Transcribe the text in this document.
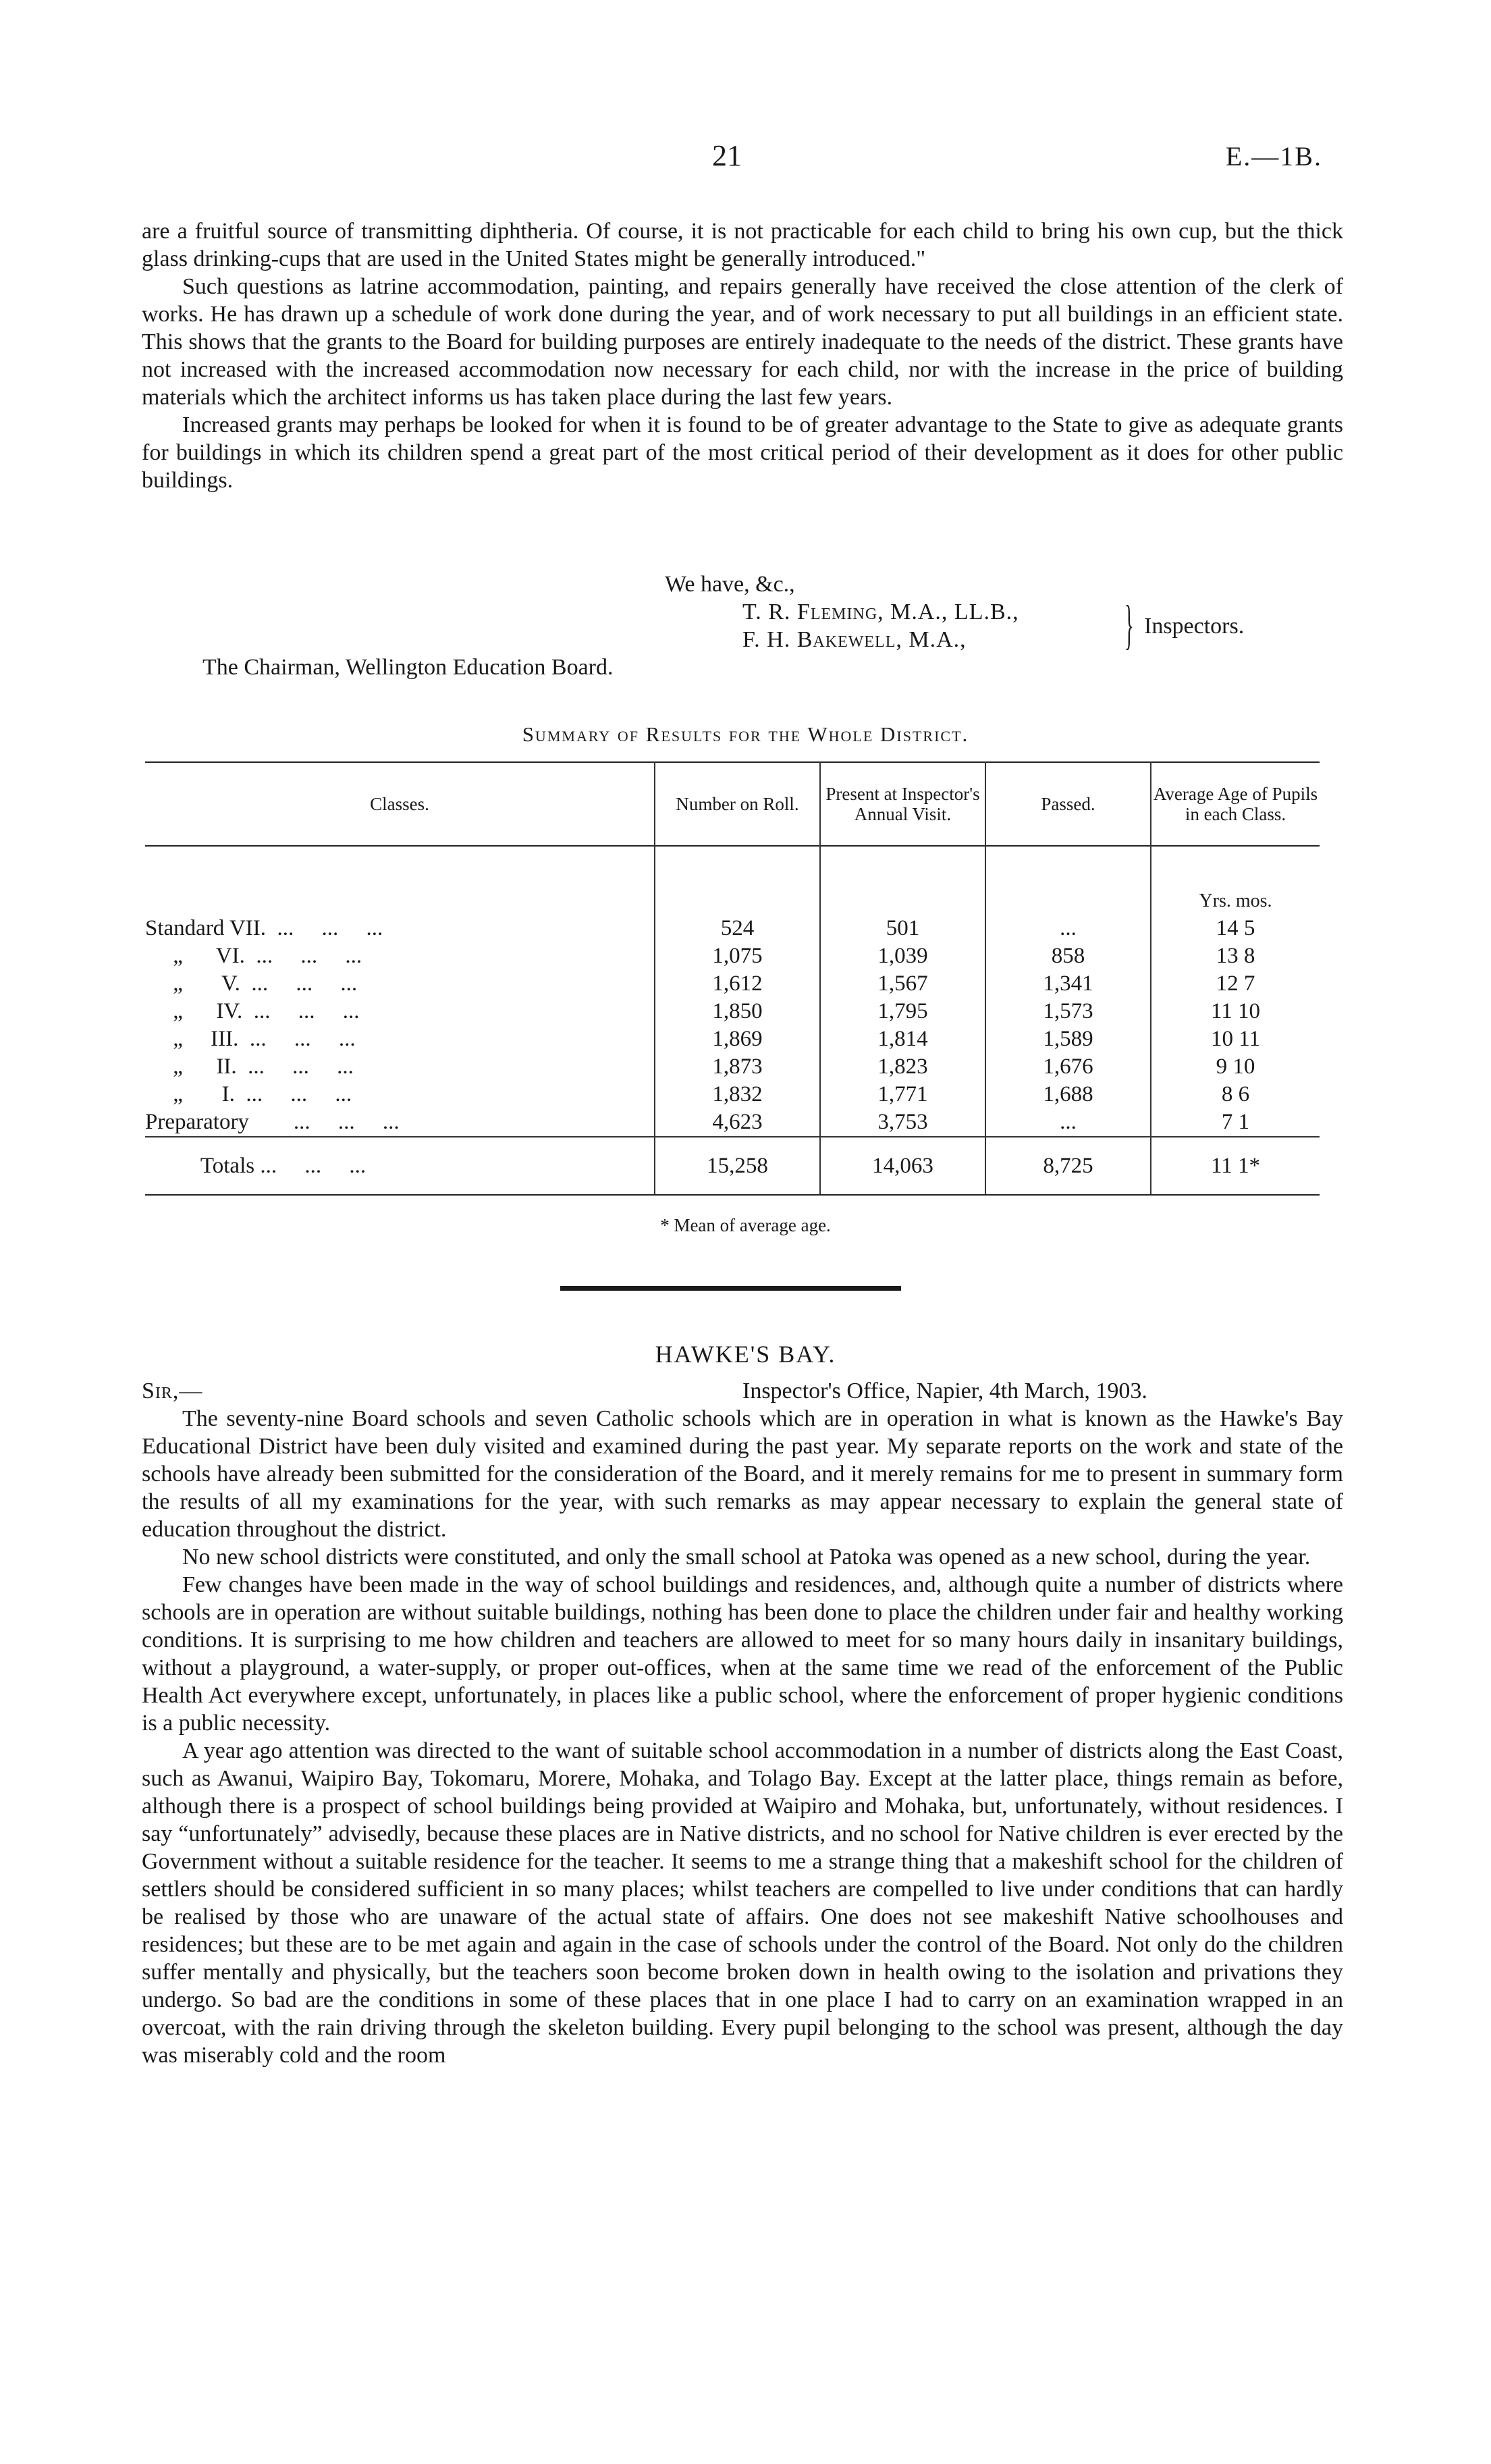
21	E.—1B.

are a fruitful source of transmitting diphtheria. Of course, it is not practicable for each child to bring his own cup, but the thick glass drinking-cups that are used in the United States might be generally introduced."

Such questions as latrine accommodation, painting, and repairs generally have received the close attention of the clerk of works. He has drawn up a schedule of work done during the year, and of work necessary to put all buildings in an efficient state. This shows that the grants to the Board for building purposes are entirely inadequate to the needs of the district. These grants have not increased with the increased accommodation now necessary for each child, nor with the increase in the price of building materials which the architect informs us has taken place during the last few years.

Increased grants may perhaps be looked for when it is found to be of greater advantage to the State to give as adequate grants for buildings in which its children spend a great part of the most critical period of their development as it does for other public buildings.

We have, &c.,
T. R. Fleming, M.A., LL.B.,
F. H. Bakewell, M.A.,	} Inspectors.
The Chairman, Wellington Education Board.
Summary of Results for the Whole District.
Classes.	Number on Roll.	Present at Inspector's Annual Visit.	Passed.	Average Age of Pupils in each Class.

				Yrs. mos.
Standard VII.  ...     ...     ...	524	501	...	14 5
„      VI.  ...     ...     ...	1,075	1,039	858	13 8
„       V.  ...     ...     ...	1,612	1,567	1,341	12 7
„      IV.  ...     ...     ...	1,850	1,795	1,573	11 10
„     III.  ...     ...     ...	1,869	1,814	1,589	10 11
„      II.  ...     ...     ...	1,873	1,823	1,676	9 10
„       I.  ...     ...     ...	1,832	1,771	1,688	8 6
Preparatory        ...     ...     ...	4,623	3,753	...	7 1
Totals ...     ...     ...	15,258	14,063	8,725	11 1*
* Mean of average age.
HAWKE'S BAY.
Sir,—	Inspector's Office, Napier, 4th March, 1903.

The seventy-nine Board schools and seven Catholic schools which are in operation in what is known as the Hawke's Bay Educational District have been duly visited and examined during the past year. My separate reports on the work and state of the schools have already been submitted for the consideration of the Board, and it merely remains for me to present in summary form the results of all my examinations for the year, with such remarks as may appear necessary to explain the general state of education throughout the district.

No new school districts were constituted, and only the small school at Patoka was opened as a new school, during the year.

Few changes have been made in the way of school buildings and residences, and, although quite a number of districts where schools are in operation are without suitable buildings, nothing has been done to place the children under fair and healthy working conditions. It is surprising to me how children and teachers are allowed to meet for so many hours daily in insanitary buildings, without a playground, a water-supply, or proper out-offices, when at the same time we read of the enforcement of the Public Health Act everywhere except, unfortunately, in places like a public school, where the enforcement of proper hygienic conditions is a public necessity.

A year ago attention was directed to the want of suitable school accommodation in a number of districts along the East Coast, such as Awanui, Waipiro Bay, Tokomaru, Morere, Mohaka, and Tolago Bay. Except at the latter place, things remain as before, although there is a prospect of school buildings being provided at Waipiro and Mohaka, but, unfortunately, without residences. I say “unfortunately” advisedly, because these places are in Native districts, and no school for Native children is ever erected by the Government without a suitable residence for the teacher. It seems to me a strange thing that a makeshift school for the children of settlers should be considered sufficient in so many places; whilst teachers are compelled to live under conditions that can hardly be realised by those who are unaware of the actual state of affairs. One does not see makeshift Native schoolhouses and residences; but these are to be met again and again in the case of schools under the control of the Board. Not only do the children suffer mentally and physically, but the teachers soon become broken down in health owing to the isolation and privations they undergo. So bad are the conditions in some of these places that in one place I had to carry on an examination wrapped in an overcoat, with the rain driving through the skeleton building. Every pupil belonging to the school was present, although the day was miserably cold and the room
